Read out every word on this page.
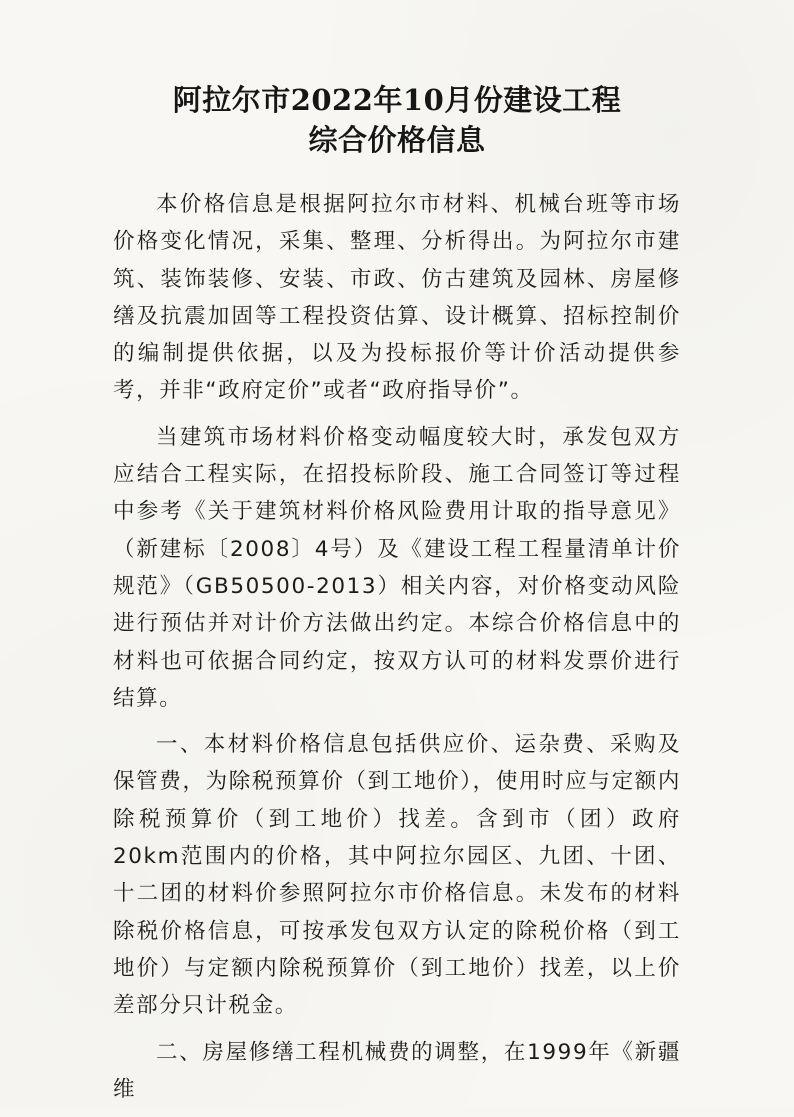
阿拉尔市2022年10月份建设工程
综合价格信息

本价格信息是根据阿拉尔市材料、机械台班等市场价格变化情况，采集、整理、分析得出。为阿拉尔市建筑、装饰装修、安装、市政、仿古建筑及园林、房屋修缮及抗震加固等工程投资估算、设计概算、招标控制价的编制提供依据，以及为投标报价等计价活动提供参考，并非“政府定价”或者“政府指导价”。

当建筑市场材料价格变动幅度较大时，承发包双方应结合工程实际，在招投标阶段、施工合同签订等过程中参考《关于建筑材料价格风险费用计取的指导意见》（新建标〔2008〕4号）及《建设工程工程量清单计价规范》（GB50500-2013）相关内容，对价格变动风险进行预估并对计价方法做出约定。本综合价格信息中的材料也可依据合同约定，按双方认可的材料发票价进行结算。

一、本材料价格信息包括供应价、运杂费、采购及保管费，为除税预算价（到工地价），使用时应与定额内除税预算价（到工地价）找差。含到市（团）政府20km范围内的价格，其中阿拉尔园区、九团、十团、十二团的材料价参照阿拉尔市价格信息。未发布的材料除税价格信息，可按承发包双方认定的除税价格（到工地价）与定额内除税预算价（到工地价）找差，以上价差部分只计税金。

二、房屋修缮工程机械费的调整，在1999年《新疆维
